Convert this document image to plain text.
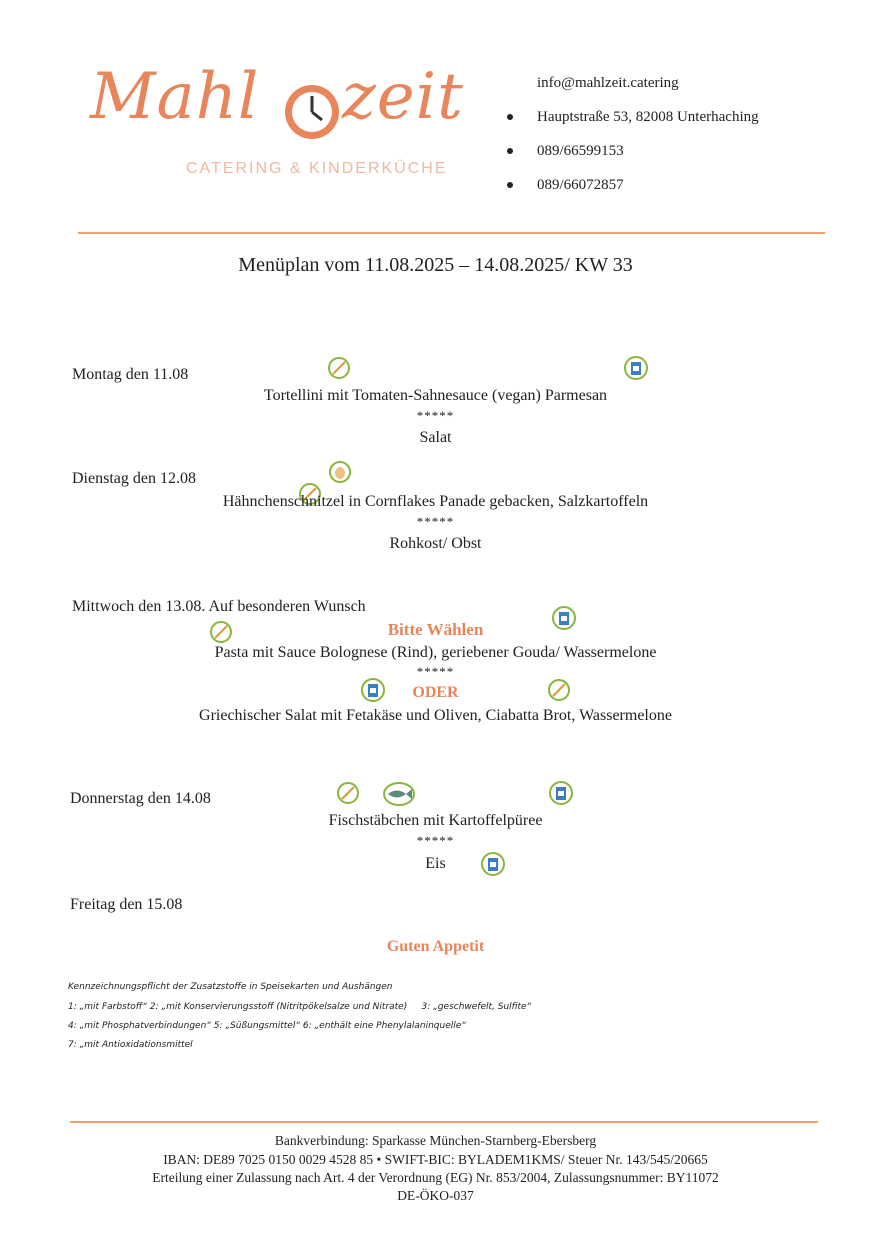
Mahl zeit
CATERING & KINDERKÜCHE
info@mahlzeit.catering
Hauptstraße 53, 82008 Unterhaching
089/66599153
089/66072857
Menüplan vom 11.08.2025 – 14.08.2025/ KW 33
Montag den 11.08
Tortellini mit Tomaten-Sahnesauce (vegan) Parmesan
*****
Salat
Dienstag den 12.08
Hähnchenschnitzel in Cornflakes Panade gebacken, Salzkartoffeln
*****
Rohkost/ Obst
Mittwoch den 13.08. Auf besonderen Wunsch
Bitte Wählen
Pasta mit Sauce Bolognese (Rind), geriebener Gouda/ Wassermelone
*****
ODER
Griechischer Salat mit Fetakäse und Oliven, Ciabatta Brot, Wassermelone
Donnerstag den 14.08
Fischstäbchen mit Kartoffelpüree
*****
Eis
Freitag den 15.08
Guten Appetit
Kennzeichnungspflicht der Zusatzstoffe in Speisekarten und Aushängen
1: „mit Farbstoff“ 2: „mit Konservierungsstoff (Nitritpökelsalze und Nitrate)     3: „geschwefelt, Sulfite“
4: „mit Phosphatverbindungen“ 5: „Süßungsmittel“ 6: „enthält eine Phenylalaninquelle“
7: „mit Antioxidationsmittel
Bankverbindung: Sparkasse München-Starnberg-Ebersberg
IBAN: DE89 7025 0150 0029 4528 85 • SWIFT-BIC: BYLADEM1KMS/ Steuer Nr. 143/545/20665
Erteilung einer Zulassung nach Art. 4 der Verordnung (EG) Nr. 853/2004, Zulassungsnummer: BY11072
DE-ÖKO-037
